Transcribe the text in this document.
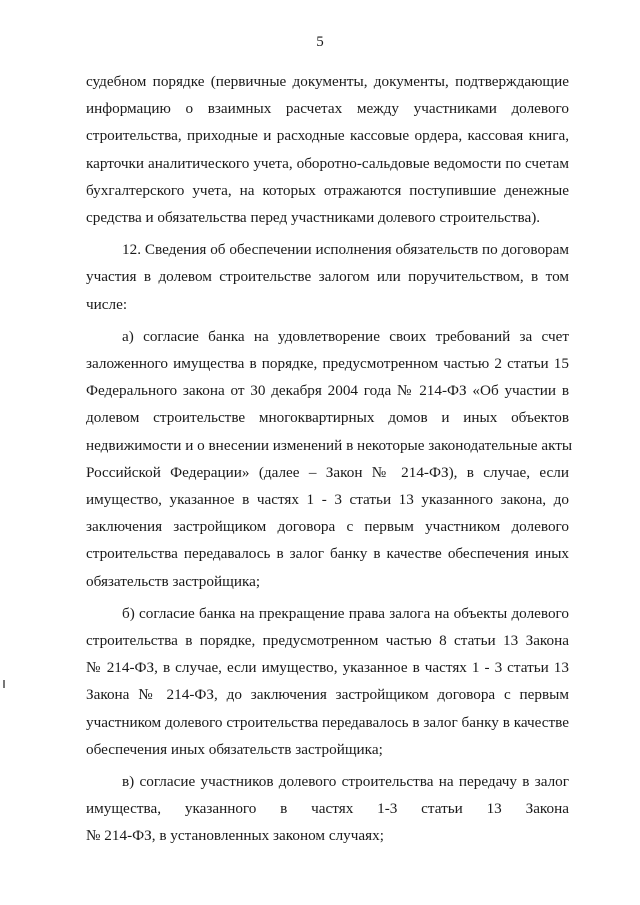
5

судебном порядке (первичные документы, документы, подтверждающие
информацию о взаимных расчетах между участниками долевого
строительства, приходные и расходные кассовые ордера, кассовая книга,
карточки аналитического учета, оборотно-сальдовые ведомости по счетам
бухгалтерского учета, на которых отражаются поступившие денежные
средства и обязательства перед участниками долевого строительства).

12. Сведения об обеспечении исполнения обязательств по договорам
участия в долевом строительстве залогом или поручительством, в том
числе:

а) согласие банка на удовлетворение своих требований за счет
заложенного имущества в порядке, предусмотренном частью 2 статьи 15
Федерального закона от 30 декабря 2004 года № 214-ФЗ «Об участии в
долевом строительстве многоквартирных домов и иных объектов
недвижимости и о внесении изменений в некоторые законодательные акты
Российской Федерации» (далее – Закон № 214-ФЗ), в случае, если
имущество, указанное в частях 1 - 3 статьи 13 указанного закона, до
заключения застройщиком договора с первым участником долевого
строительства передавалось в залог банку в качестве обеспечения иных
обязательств застройщика;

б) согласие банка на прекращение права залога на объекты долевого
строительства в порядке, предусмотренном частью 8 статьи 13 Закона
№ 214-ФЗ, в случае, если имущество, указанное в частях 1 - 3 статьи 13
Закона № 214-ФЗ, до заключения застройщиком договора с первым
участником долевого строительства передавалось в залог банку в качестве
обеспечения иных обязательств застройщика;

в) согласие участников долевого строительства на передачу в залог
имущества, указанного в частях 1-3 статьи 13 Закона
№ 214-ФЗ, в установленных законом случаях;
